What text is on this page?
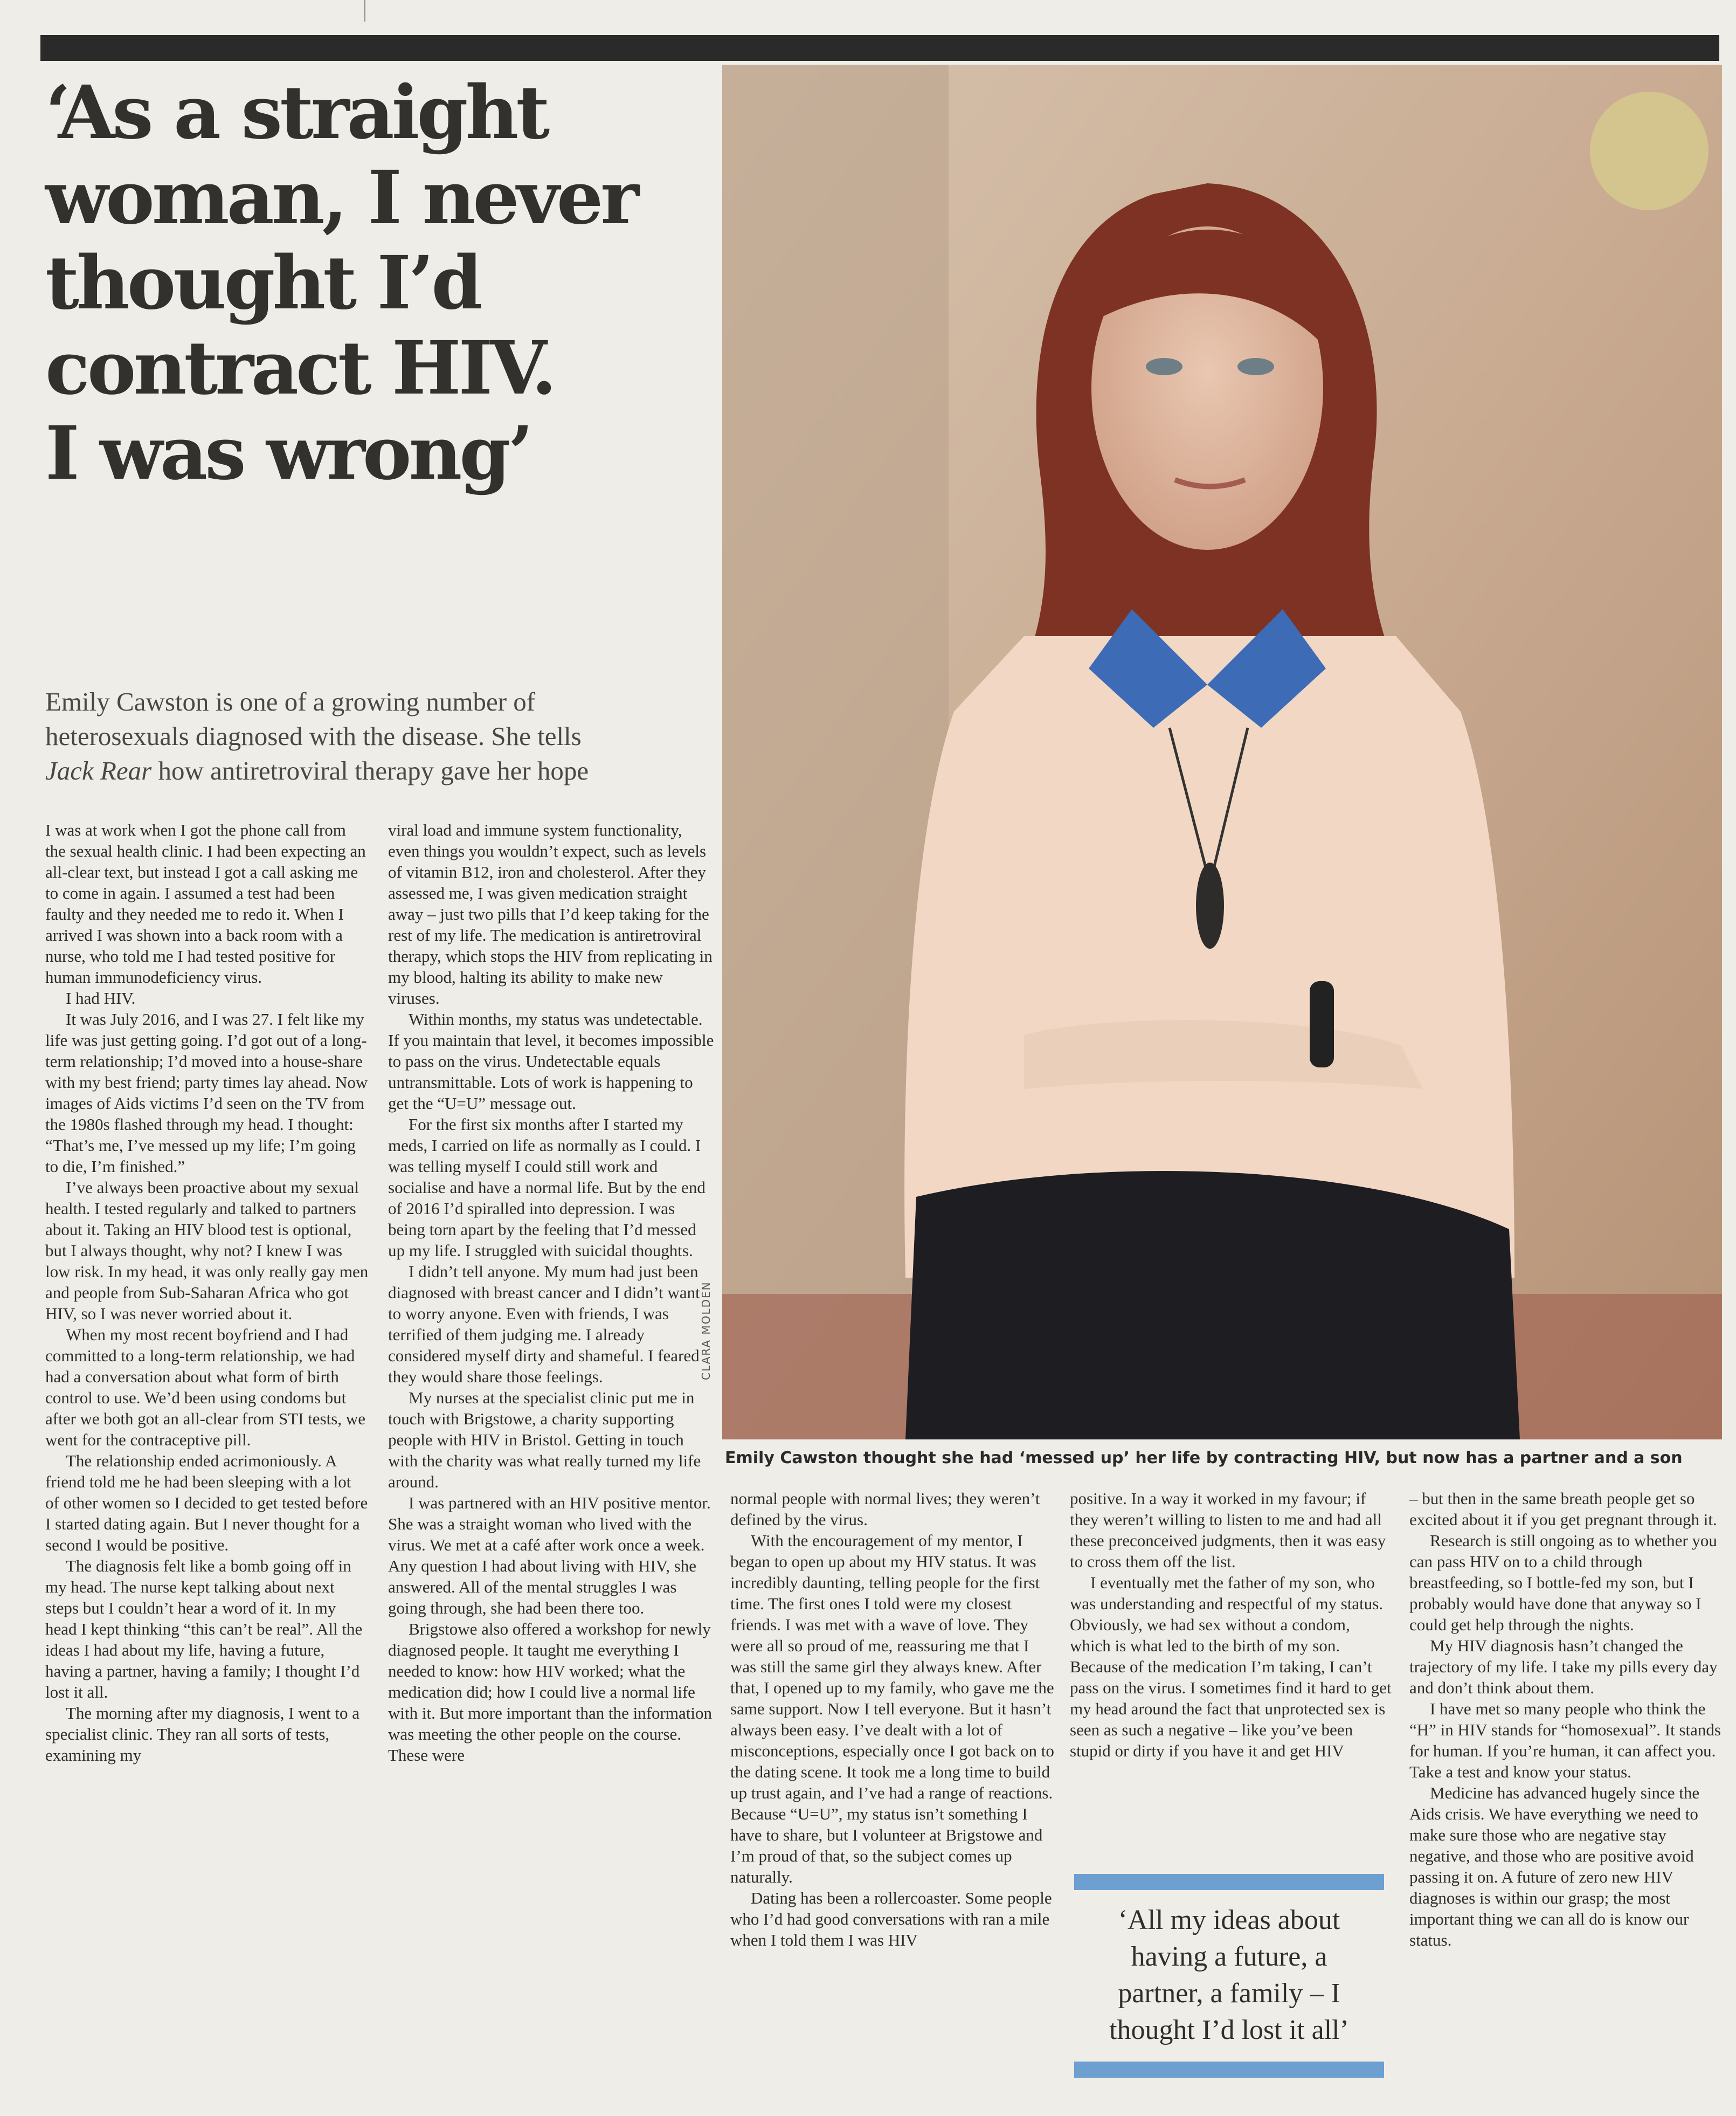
‘As a straight
woman, I never
thought I’d
contract HIV.
I was wrong’

Emily Cawston is one of a growing number of
heterosexuals diagnosed with the disease. She tells
Jack Rear how antiretroviral therapy gave her hope

CLARA MOLDEN
Emily Cawston thought she had ‘messed up’ her life by contracting HIV, but now has a partner and a son

I was at work when I got the phone call from the sexual health clinic. I had been expecting an all-clear text, but instead I got a call asking me to come in again. I assumed a test had been faulty and they needed me to redo it. When I arrived I was shown into a back room with a nurse, who told me I had tested positive for human immunodeficiency virus.

I had HIV.

It was July 2016, and I was 27. I felt like my life was just getting going. I’d got out of a long-term relationship; I’d moved into a house-share with my best friend; party times lay ahead. Now images of Aids victims I’d seen on the TV from the 1980s flashed through my head. I thought: “That’s me, I’ve messed up my life; I’m going to die, I’m finished.”

I’ve always been proactive about my sexual health. I tested regularly and talked to partners about it. Taking an HIV blood test is optional, but I always thought, why not? I knew I was low risk. In my head, it was only really gay men and people from Sub-Saharan Africa who got HIV, so I was never worried about it.

When my most recent boyfriend and I had committed to a long-term relationship, we had had a conversation about what form of birth control to use. We’d been using condoms but after we both got an all-clear from STI tests, we went for the contraceptive pill.

The relationship ended acrimoniously. A friend told me he had been sleeping with a lot of other women so I decided to get tested before I started dating again. But I never thought for a second I would be positive.

The diagnosis felt like a bomb going off in my head. The nurse kept talking about next steps but I couldn’t hear a word of it. In my head I kept thinking “this can’t be real”. All the ideas I had about my life, having a future, having a partner, having a family; I thought I’d lost it all.

The morning after my diagnosis, I went to a specialist clinic. They ran all sorts of tests, examining my

viral load and immune system functionality, even things you wouldn’t expect, such as levels of vitamin B12, iron and cholesterol. After they assessed me, I was given medication straight away – just two pills that I’d keep taking for the rest of my life. The medication is antiretroviral therapy, which stops the HIV from replicating in my blood, halting its ability to make new viruses.

Within months, my status was undetectable. If you maintain that level, it becomes impossible to pass on the virus. Undetectable equals untransmittable. Lots of work is happening to get the “U=U” message out.

For the first six months after I started my meds, I carried on life as normally as I could. I was telling myself I could still work and socialise and have a normal life. But by the end of 2016 I’d spiralled into depression. I was being torn apart by the feeling that I’d messed up my life. I struggled with suicidal thoughts.

I didn’t tell anyone. My mum had just been diagnosed with breast cancer and I didn’t want to worry anyone. Even with friends, I was terrified of them judging me. I already considered myself dirty and shameful. I feared they would share those feelings.

My nurses at the specialist clinic put me in touch with Brigstowe, a charity supporting people with HIV in Bristol. Getting in touch with the charity was what really turned my life around.

I was partnered with an HIV positive mentor. She was a straight woman who lived with the virus. We met at a café after work once a week. Any question I had about living with HIV, she answered. All of the mental struggles I was going through, she had been there too.

Brigstowe also offered a workshop for newly diagnosed people. It taught me everything I needed to know: how HIV worked; what the medication did; how I could live a normal life with it. But more important than the information was meeting the other people on the course. These were

normal people with normal lives; they weren’t defined by the virus.

With the encouragement of my mentor, I began to open up about my HIV status. It was incredibly daunting, telling people for the first time. The first ones I told were my closest friends. I was met with a wave of love. They were all so proud of me, reassuring me that I was still the same girl they always knew. After that, I opened up to my family, who gave me the same support. Now I tell everyone. But it hasn’t always been easy. I’ve dealt with a lot of misconceptions, especially once I got back on to the dating scene. It took me a long time to build up trust again, and I’ve had a range of reactions. Because “U=U”, my status isn’t something I have to share, but I volunteer at Brigstowe and I’m proud of that, so the subject comes up naturally.

Dating has been a rollercoaster. Some people who I’d had good conversations with ran a mile when I told them I was HIV

positive. In a way it worked in my favour; if they weren’t willing to listen to me and had all these preconceived judgments, then it was easy to cross them off the list.

I eventually met the father of my son, who was understanding and respectful of my status. Obviously, we had sex without a condom, which is what led to the birth of my son. Because of the medication I’m taking, I can’t pass on the virus. I sometimes find it hard to get my head around the fact that unprotected sex is seen as such a negative – like you’ve been stupid or dirty if you have it and get HIV

‘All my ideas about
having a future, a
partner, a family – I
thought I’d lost it all’

– but then in the same breath people get so excited about it if you get pregnant through it.

Research is still ongoing as to whether you can pass HIV on to a child through breastfeeding, so I bottle-fed my son, but I probably would have done that anyway so I could get help through the nights.

My HIV diagnosis hasn’t changed the trajectory of my life. I take my pills every day and don’t think about them.

I have met so many people who think the “H” in HIV stands for “homosexual”. It stands for human. If you’re human, it can affect you. Take a test and know your status.

Medicine has advanced hugely since the Aids crisis. We have everything we need to make sure those who are negative stay negative, and those who are positive avoid passing it on. A future of zero new HIV diagnoses is within our grasp; the most important thing we can all do is know our status.
